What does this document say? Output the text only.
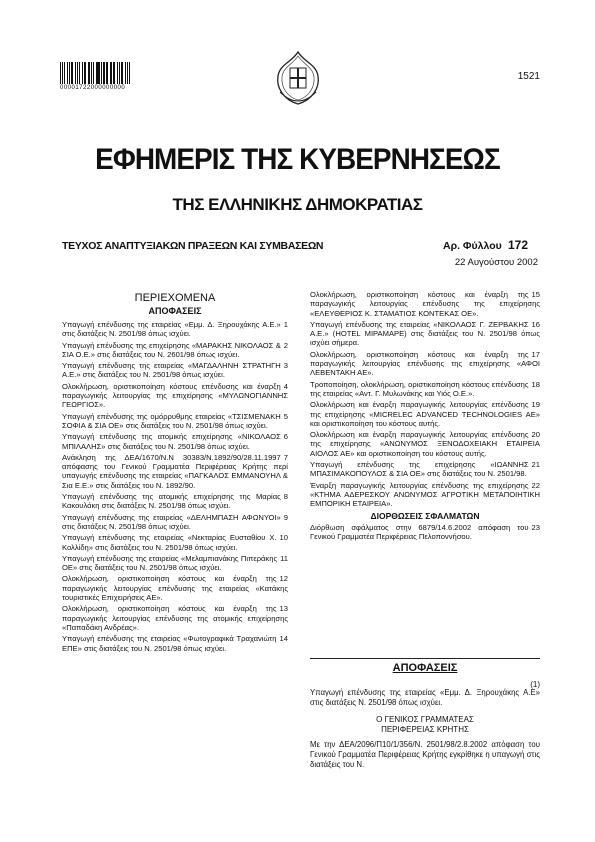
00001722000000000
1521
ΕΦΗΜΕΡΙΣ ΤΗΣ ΚΥΒΕΡΝΗΣΕΩΣ
ΤΗΣ ΕΛΛΗΝΙΚΗΣ ΔΗΜΟΚΡΑΤΙΑΣ
ΤΕΥΧΟΣ ΑΝΑΠΤΥΞΙΑΚΩΝ ΠΡΑΞΕΩΝ ΚΑΙ ΣΥΜΒΑΣΕΩΝ	Αρ. Φύλλου 172
22 Αυγούστου 2002
ΠΕΡΙΕΧΟΜΕΝΑ
ΑΠΟΦΑΣΕΙΣ
1
Υπαγωγή επένδυσης της εταιρείας «Εμμ. Δ. Ξηρουχάκης Α.Ε.» στις διατάξεις Ν. 2501/98 όπως ισχύει.
2
Υπαγωγή επένδυσης της επιχείρησης «ΜΑΡΑΚΗΣ ΝΙΚΟΛΑΟΣ & ΣΙΑ Ο.Ε.» στις διατάξεις του Ν. 2601/98 όπως ισχύει.
3
Υπαγωγή επένδυσης της εταιρείας «ΜΑΓΔΑΛΗΝΗ ΣΤΡΑΤΗΓΗ Α.Ε.» στις διατάξεις του Ν. 2501/98 όπως ισχύει.
4
Ολοκλήρωση, οριστικοποίηση κόστους επένδυσης και έναρξη παραγωγικής λειτουργίας της επιχείρησης «ΜΥΛΩΝΟΓΙΑΝΝΗΣ ΓΕΩΡΓΙΟΣ».
5
Υπαγωγή επένδυσης της ομόρρυθμης εταιρείας «ΤΣΙΣΜΕΝΑΚΗ ΣΟΦΙΑ & ΣΙΑ ΟΕ» στις διατάξεις του Ν. 2501/98 όπως ισχύει.
6
Υπαγωγή επένδυσης της ατομικής επιχείρησης «ΝΙΚΟΛΑΟΣ ΜΠΙΛΑΛΗΣ» στις διατάξεις του Ν. 2501/98 όπως ισχύει.
7
Ανάκληση της ΔΕΑ/1670/Ν.Ν 30383/Ν.1892/90/28.11.1997 απόφασης του Γενικού Γραμματέα Περιφέρειας Κρήτης περί υπαγωγής επένδυσης της εταιρείας «ΠΑΓΚΑΛΟΣ ΕΜΜΑΝΟΥΗΛ & Σια Ε.Ε.» στις διατάξεις του Ν. 1892/90.
8
Υπαγωγή επένδυσης της ατομικής επιχείρησης της Μαρίας Κακουλάκη στις διατάξεις Ν. 2501/98 όπως ισχύει.
9
Υπαγωγή επένδυσης της εταιρείας «ΔΕΛΗΜΠΑΣΗ ΑΦΩΝΥΟΙ» στις διατάξεις Ν. 2501/98 όπως ισχύει.
10
Υπαγωγή επένδυσης της εταιρείας «Νεκταρίας Ευσταθίου Χ. Κολλίδη» στις διατάξεις του Ν. 2501/98 όπως ισχύει.
11
Υπαγωγή επένδυσης της εταιρείας «Μελαμπιανάκης Πιπεράκης ΟΕ» στις διατάξεις του Ν. 2501/98 όπως ισχύει.
12
Ολοκλήρωση, οριστικοποίηση κόστους και έναρξη της παραγωγικής λειτουργίας επένδυσης της εταιρείας «Κατάκης τουριστικές Επιχειρήσεις ΑΕ».
13
Ολοκλήρωση, οριστικοποίηση κόστους και έναρξη της παραγωγικής λειτουργίας επένδυσης της ατομικής επιχείρησης «Παπαδάκη Ανδρέας».
14
Υπαγωγή επένδυσης της εταιρείας «Φωτογραφικά Τραχανιώτη ΕΠΕ» στις διατάξεις του Ν. 2501/98 όπως ισχύει.
15
Ολοκλήρωση, οριστικοποίηση κόστους και έναρξη της παραγωγικής λειτουργίας επένδυσης της επιχείρησης «ΕΛΕΥΘΕΡΙΟΣ Κ. ΣΤΑΜΑΤΙΟΣ ΚΟΝΤΕΚΑΣ ΟΕ».
16
Υπαγωγή επένδυσης της εταιρείας «ΝΙΚΟΛΑΟΣ Γ. ΖΕΡΒΑΚΗΣ Α.Ε.» (HOTEL MIPAMAPE) στις διατάξεις του Ν. 2501/98 όπως ισχύει σήμερα.
17
Ολοκλήρωση, οριστικοποίηση κόστους και έναρξη της παραγωγικής λειτουργίας επένδυσης της επιχείρησης «ΑΦΟΙ ΛΕΒΕΝΤΑΚΗ ΑΕ».
18
Τροποποίηση, ολοκλήρωση, οριστικοποίηση κόστους επένδυσης της εταιρείας «Αντ. Γ. Μυλωνάκης και Υιός Ο.Ε.».
19
Ολοκλήρωση και έναρξη παραγωγικής λειτουργίας επένδυσης της επιχείρησης «MICRELEC ADVANCED TECHNOLOGIES AE» και οριστικοποίηση του κόστους αυτής.
20
Ολοκλήρωση και έναρξη παραγωγικής λειτουργίας επένδυσης της επιχείρησης «ΑΝΩΝΥΜΟΣ ΞΕΝΟΔΟΧΕΙΑΚΗ ΕΤΑΙΡΕΙΑ ΑΙΟΛΟΣ ΑΕ» και οριστικοποίηση του κόστους αυτής.
21
Υπαγωγή επένδυσης της επιχείρησης «ΙΩΑΝΝΗΣ ΜΠΑΣΙΜΑΚΟΠΟΥΛΟΣ & ΣΙΑ ΟΕ» στις διατάξεις του Ν. 2501/98.
22
Έναρξη παραγωγικής λειτουργίας επένδυσης της επιχείρησης «ΚΤΗΜΑ ΑΔΕΡΕΣΚΟΥ ΑΝΩΝΥΜΟΣ ΑΓΡΟΤΙΚΗ ΜΕΤΑΠΟΙΗΤΙΚΗ ΕΜΠΟΡΙΚΗ ΕΤΑΙΡΕΙΑ».
ΔΙΟΡΘΩΣΕΙΣ ΣΦΑΛΜΑΤΩΝ
23
Διόρθωση σφάλματος στην 6879/14.6.2002 απόφαση του Γενικού Γραμματέα Περιφέρειας Πελοποννήσου.
ΑΠΟΦΑΣΕΙΣ
(1)
Υπαγωγή επένδυσης της εταιρείας «Εμμ. Δ. Ξηρουχάκης Α.Ε» στις διατάξεις Ν. 2501/98 όπως ισχύει.
Ο ΓΕΝΙΚΟΣ ΓΡΑΜΜΑΤΕΑΣ
ΠΕΡΙΦΕΡΕΙΑΣ ΚΡΗΤΗΣ
Με την ΔΕΑ/2096/Π10/1/356/Ν. 2501/98/2.8.2002 απόφαση του Γενικού Γραμματέα Περιφέρειας Κρήτης εγκρίθηκε η υπαγωγή στις διατάξεις του Ν.
